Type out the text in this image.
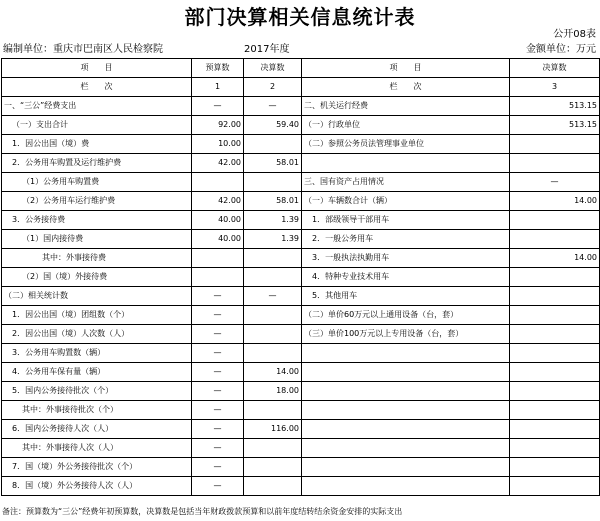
部门决算相关信息统计表
公开08表
编制单位：重庆市巴南区人民检察院	2017年度	金额单位：万元
项　　目	预算数	决算数	项　　目	决算数
栏　　次	1	2	栏　　次	3
一、“三公”经费支出	—	—	二、机关运行经费	513.15
（一）支出合计	92.00	59.40	（一）行政单位	513.15
1．因公出国（境）费	10.00		（二）参照公务员法管理事业单位	
2．公务用车购置及运行维护费	42.00	58.01		
（1）公务用车购置费			三、国有资产占用情况	—
（2）公务用车运行维护费	42.00	58.01	（一）车辆数合计（辆）	14.00
3．公务接待费	40.00	1.39	1．部级领导干部用车	
（1）国内接待费	40.00	1.39	2．一般公务用车	
其中：外事接待费			3．一般执法执勤用车	14.00
（2）国（境）外接待费			4．特种专业技术用车	
（二）相关统计数	—	—	5．其他用车	
1．因公出国（境）团组数（个）	—		（二）单价60万元以上通用设备（台，套）	
2．因公出国（境）人次数（人）	—		（三）单价100万元以上专用设备（台，套）	
3．公务用车购置数（辆）	—			
4．公务用车保有量（辆）	—	14.00		
5．国内公务接待批次（个）	—	18.00		
其中：外事接待批次（个）	—			
6．国内公务接待人次（人）	—	116.00		
其中：外事接待人次（人）	—			
7．国（境）外公务接待批次（个）	—			
8．国（境）外公务接待人次（人）	—			
备注：预算数为“三公”经费年初预算数，决算数是包括当年财政拨款预算和以前年度结转结余资金安排的实际支出
